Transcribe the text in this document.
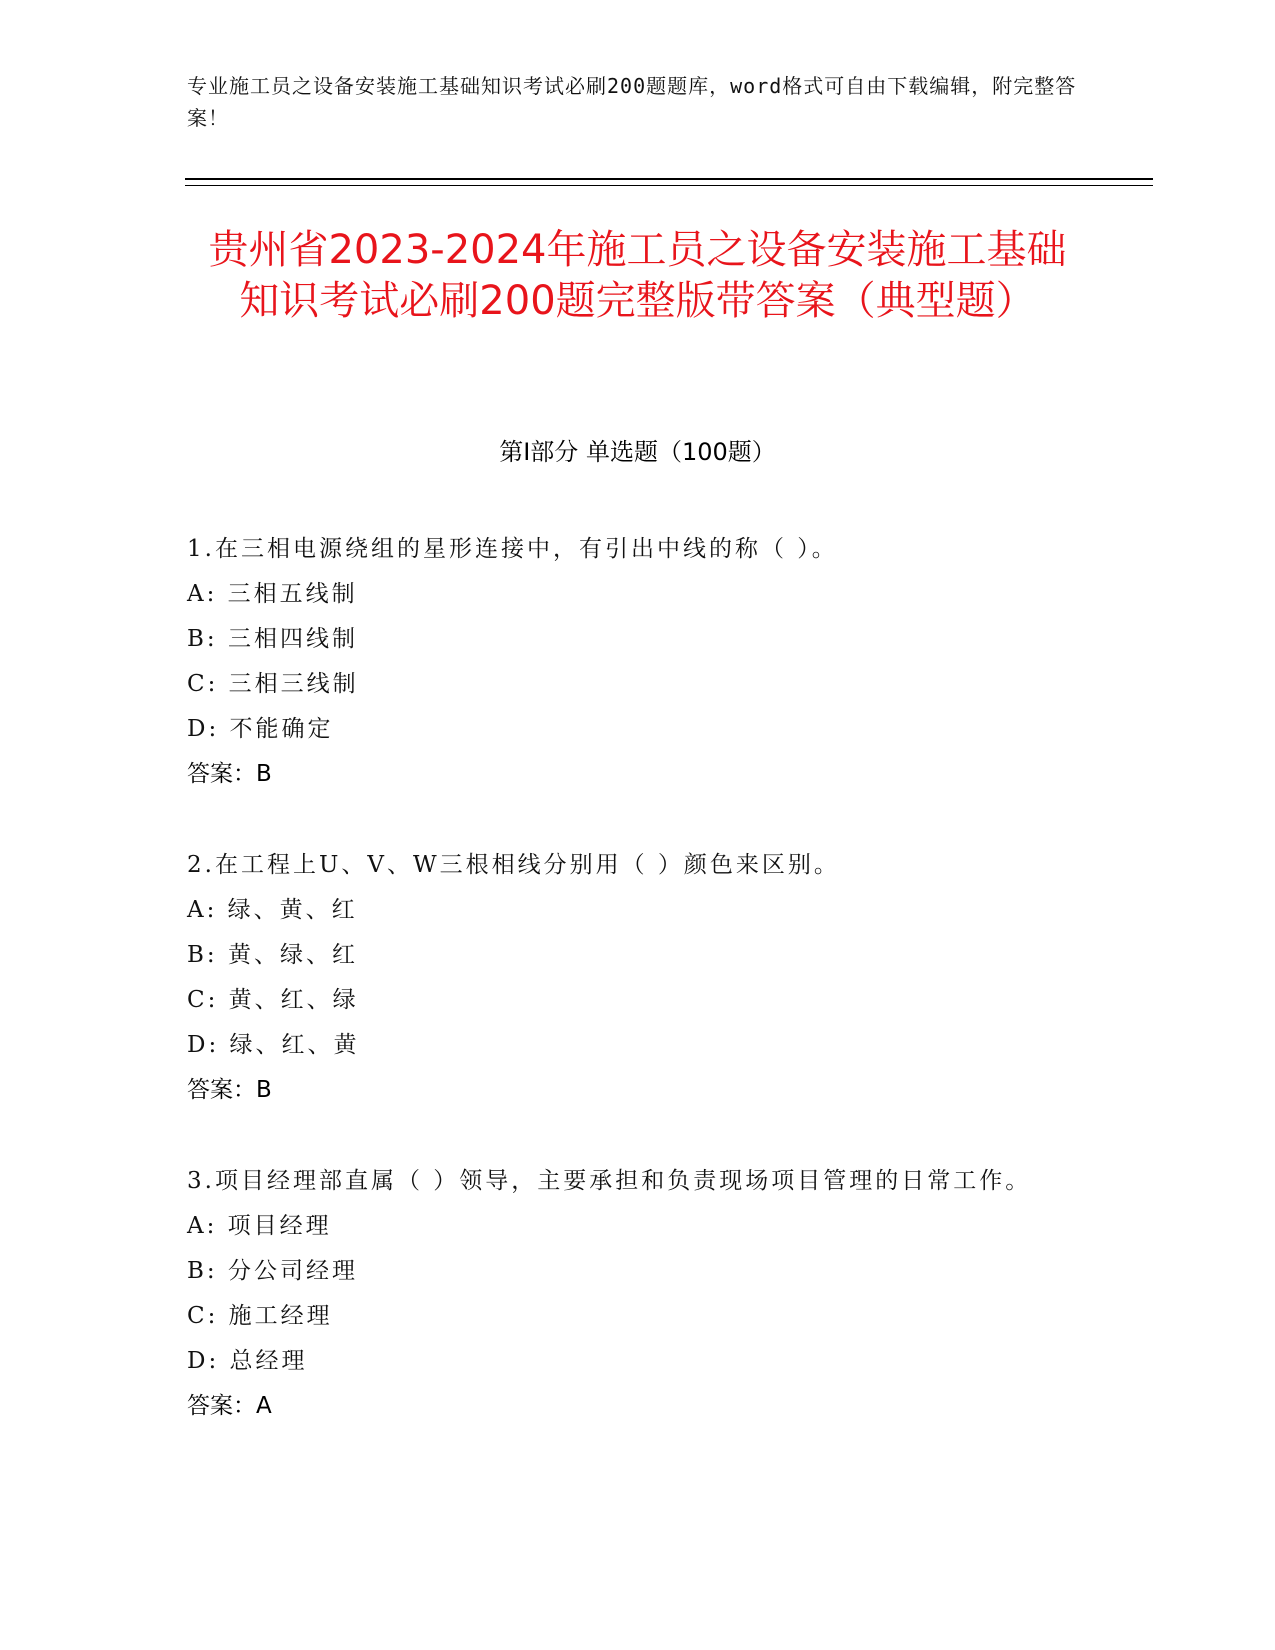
专业施工员之设备安装施工基础知识考试必刷200题题库，word格式可自由下载编辑，附完整答案！
贵州省2023-2024年施工员之设备安装施工基础知识考试必刷200题完整版带答案（典型题）
第Ⅰ部分 单选题（100题）
1.在三相电源绕组的星形连接中，有引出中线的称（ ）。
A: 三相五线制
B: 三相四线制
C: 三相三线制
D: 不能确定
答案：B
2.在工程上U、V、W三根相线分别用（ ）颜色来区别。
A: 绿、黄、红
B: 黄、绿、红
C: 黄、红、绿
D: 绿、红、黄
答案：B
3.项目经理部直属（ ）领导，主要承担和负责现场项目管理的日常工作。
A: 项目经理
B: 分公司经理
C: 施工经理
D: 总经理
答案：A
